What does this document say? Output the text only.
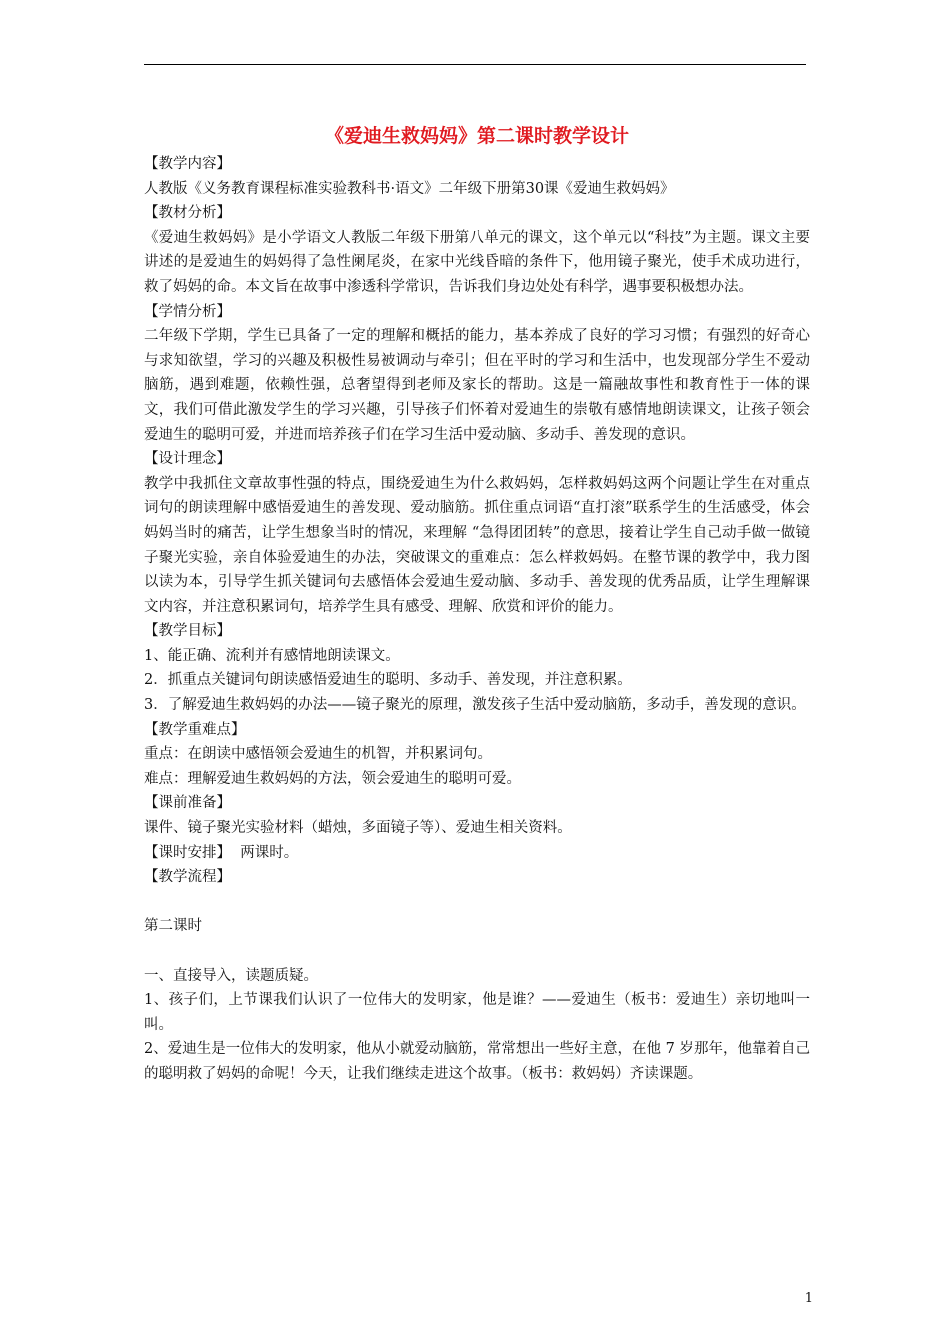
《爱迪生救妈妈》第二课时教学设计

【教学内容】

人教版《义务教育课程标准实验教科书·语文》二年级下册第30课《爱迪生救妈妈》

【教材分析】

《爱迪生救妈妈》是小学语文人教版二年级下册第八单元的课文，这个单元以“科技”为主题。课文主要讲述的是爱迪生的妈妈得了急性阑尾炎，在家中光线昏暗的条件下，他用镜子聚光，使手术成功进行，救了妈妈的命。本文旨在故事中渗透科学常识，告诉我们身边处处有科学，遇事要积极想办法。

【学情分析】

二年级下学期，学生已具备了一定的理解和概括的能力，基本养成了良好的学习习惯；有强烈的好奇心与求知欲望，学习的兴趣及积极性易被调动与牵引；但在平时的学习和生活中，也发现部分学生不爱动脑筋，遇到难题，依赖性强，总奢望得到老师及家长的帮助。这是一篇融故事性和教育性于一体的课文，我们可借此激发学生的学习兴趣，引导孩子们怀着对爱迪生的崇敬有感情地朗读课文，让孩子领会爱迪生的聪明可爱，并进而培养孩子们在学习生活中爱动脑、多动手、善发现的意识。

【设计理念】

教学中我抓住文章故事性强的特点，围绕爱迪生为什么救妈妈，怎样救妈妈这两个问题让学生在对重点词句的朗读理解中感悟爱迪生的善发现、爱动脑筋。抓住重点词语“直打滚”联系学生的生活感受，体会妈妈当时的痛苦，让学生想象当时的情况，来理解 “急得团团转”的意思，接着让学生自己动手做一做镜子聚光实验，亲自体验爱迪生的办法，突破课文的重难点：怎么样救妈妈。在整节课的教学中，我力图以读为本，引导学生抓关键词句去感悟体会爱迪生爱动脑、多动手、善发现的优秀品质，让学生理解课文内容，并注意积累词句，培养学生具有感受、理解、欣赏和评价的能力。

【教学目标】

1、能正确、流利并有感情地朗读课文。

2．抓重点关键词句朗读感悟爱迪生的聪明、多动手、善发现，并注意积累。

3．了解爱迪生救妈妈的办法——镜子聚光的原理，激发孩子生活中爱动脑筋，多动手，善发现的意识。

【教学重难点】

重点：在朗读中感悟领会爱迪生的机智，并积累词句。

难点：理解爱迪生救妈妈的方法，领会爱迪生的聪明可爱。

【课前准备】

课件、镜子聚光实验材料（蜡烛，多面镜子等）、爱迪生相关资料。

【课时安排】 两课时。

【教学流程】

第二课时

一、直接导入，读题质疑。

1、孩子们，上节课我们认识了一位伟大的发明家，他是谁？——爱迪生（板书：爱迪生）亲切地叫一叫。

2、爱迪生是一位伟大的发明家，他从小就爱动脑筋，常常想出一些好主意，在他 7 岁那年，他靠着自己的聪明救了妈妈的命呢！今天，让我们继续走进这个故事。（板书：救妈妈）齐读课题。

1
